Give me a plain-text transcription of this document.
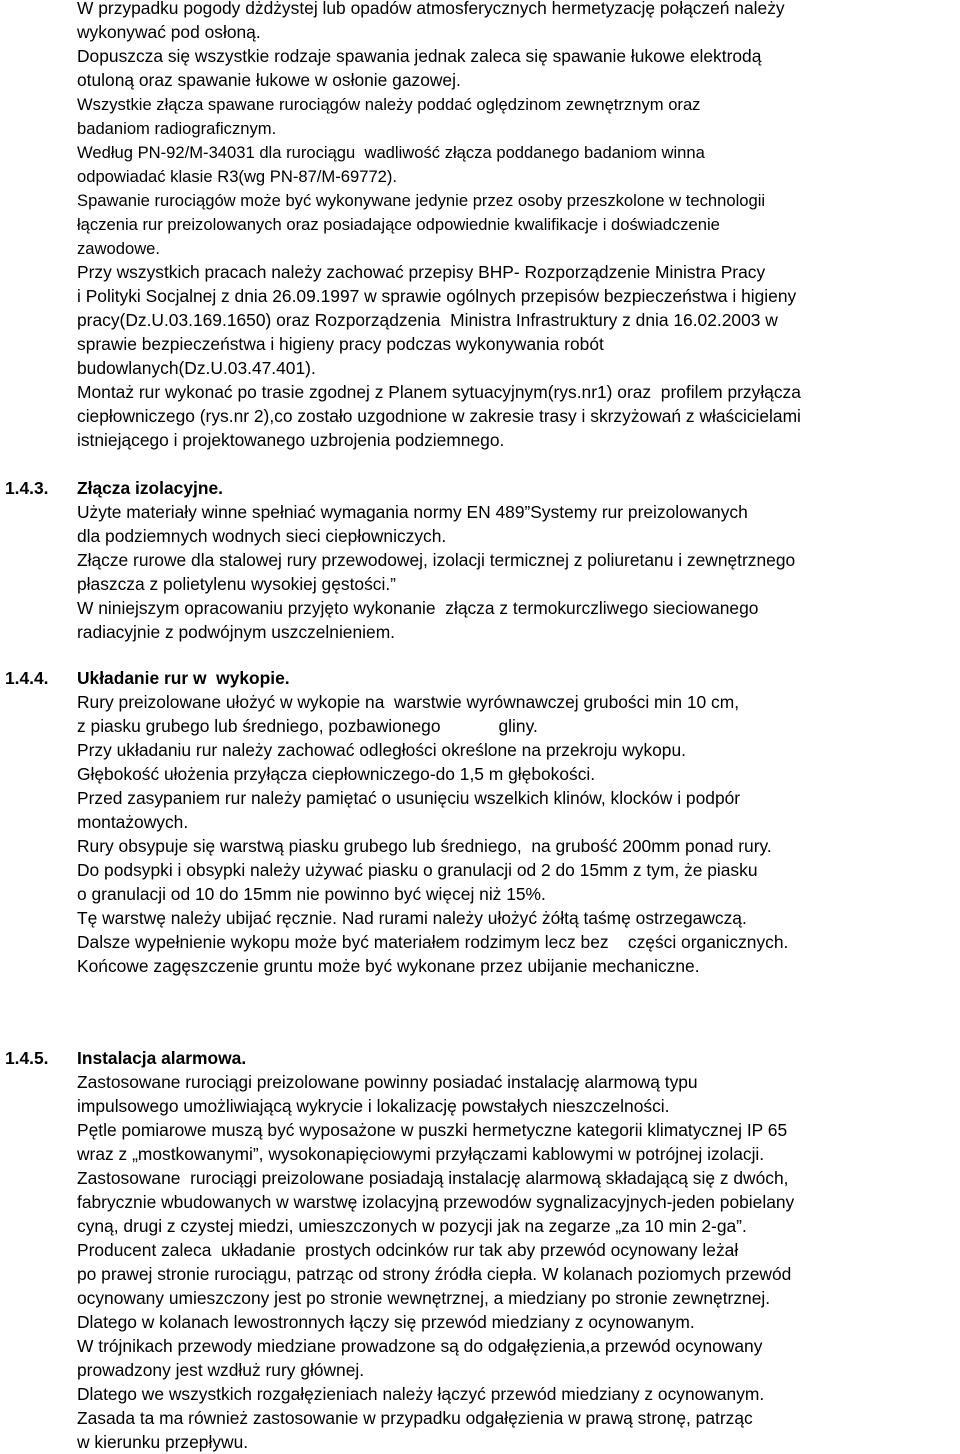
W przypadku pogody dżdżystej lub opadów atmosferycznych hermetyzację połączeń należy
wykonywać pod osłoną.
Dopuszcza się wszystkie rodzaje spawania jednak zaleca się spawanie łukowe elektrodą
otuloną oraz spawanie łukowe w osłonie gazowej.
Wszystkie złącza spawane rurociągów należy poddać oględzinom zewnętrznym oraz
badaniom radiograficznym.
Według PN-92/M-34031 dla rurociągu  wadliwość złącza poddanego badaniom winna
odpowiadać klasie R3(wg PN-87/M-69772).
Spawanie rurociągów może być wykonywane jedynie przez osoby przeszkolone w technologii
łączenia rur preizolowanych oraz posiadające odpowiednie kwalifikacje i doświadczenie
zawodowe.
Przy wszystkich pracach należy zachować przepisy BHP- Rozporządzenie Ministra Pracy
i Polityki Socjalnej z dnia 26.09.1997 w sprawie ogólnych przepisów bezpieczeństwa i higieny
pracy(Dz.U.03.169.1650) oraz Rozporządzenia  Ministra Infrastruktury z dnia 16.02.2003 w
sprawie bezpieczeństwa i higieny pracy podczas wykonywania robót
budowlanych(Dz.U.03.47.401).
Montaż rur wykonać po trasie zgodnej z Planem sytuacyjnym(rys.nr1) oraz  profilem przyłącza
ciepłowniczego (rys.nr 2),co zostało uzgodnione w zakresie trasy i skrzyżowań z właścicielami
istniejącego i projektowanego uzbrojenia podziemnego.
1.4.3. Złącza izolacyjne.
Użyte materiały winne spełniać wymagania normy EN 489”Systemy rur preizolowanych
dla podziemnych wodnych sieci ciepłowniczych.
Złącze rurowe dla stalowej rury przewodowej, izolacji termicznej z poliuretanu i zewnętrznego
płaszcza z polietylenu wysokiej gęstości.”
W niniejszym opracowaniu przyjęto wykonanie  złącza z termokurczliwego sieciowanego
radiacyjnie z podwójnym uszczelnieniem.
1.4.4. Układanie rur w  wykopie.
Rury preizolowane ułożyć w wykopie na  warstwie wyrównawczej grubości min 10 cm,
z piasku grubego lub średniego, pozbawionego            gliny.
Przy układaniu rur należy zachować odległości określone na przekroju wykopu.
Głębokość ułożenia przyłącza ciepłowniczego-do 1,5 m głębokości.
Przed zasypaniem rur należy pamiętać o usunięciu wszelkich klinów, klocków i podpór
montażowych.
Rury obsypuje się warstwą piasku grubego lub średniego,  na grubość 200mm ponad rury.
Do podsypki i obsypki należy używać piasku o granulacji od 2 do 15mm z tym, że piasku
o granulacji od 10 do 15mm nie powinno być więcej niż 15%.
Tę warstwę należy ubijać ręcznie. Nad rurami należy ułożyć żółtą taśmę ostrzegawczą.
Dalsze wypełnienie wykopu może być materiałem rodzimym lecz bez    części organicznych.
Końcowe zagęszczenie gruntu może być wykonane przez ubijanie mechaniczne.
1.4.5. Instalacja alarmowa.
Zastosowane rurociągi preizolowane powinny posiadać instalację alarmową typu
impulsowego umożliwiającą wykrycie i lokalizację powstałych nieszczelności.
Pętle pomiarowe muszą być wyposażone w puszki hermetyczne kategorii klimatycznej IP 65
wraz z „mostkowanymi”, wysokonapięciowymi przyłączami kablowymi w potrójnej izolacji.
Zastosowane  rurociągi preizolowane posiadają instalację alarmową składającą się z dwóch,
fabrycznie wbudowanych w warstwę izolacyjną przewodów sygnalizacyjnych-jeden pobielany
cyną, drugi z czystej miedzi, umieszczonych w pozycji jak na zegarze „za 10 min 2-ga”.
Producent zaleca  układanie  prostych odcinków rur tak aby przewód ocynowany leżał
po prawej stronie rurociągu, patrząc od strony źródła ciepła. W kolanach poziomych przewód
ocynowany umieszczony jest po stronie wewnętrznej, a miedziany po stronie zewnętrznej.
Dlatego w kolanach lewostronnych łączy się przewód miedziany z ocynowanym.
W trójnikach przewody miedziane prowadzone są do odgałęzienia,a przewód ocynowany
prowadzony jest wzdłuż rury głównej.
Dlatego we wszystkich rozgałęzieniach należy łączyć przewód miedziany z ocynowanym.
Zasada ta ma również zastosowanie w przypadku odgałęzienia w prawą stronę, patrząc
w kierunku przepływu.
